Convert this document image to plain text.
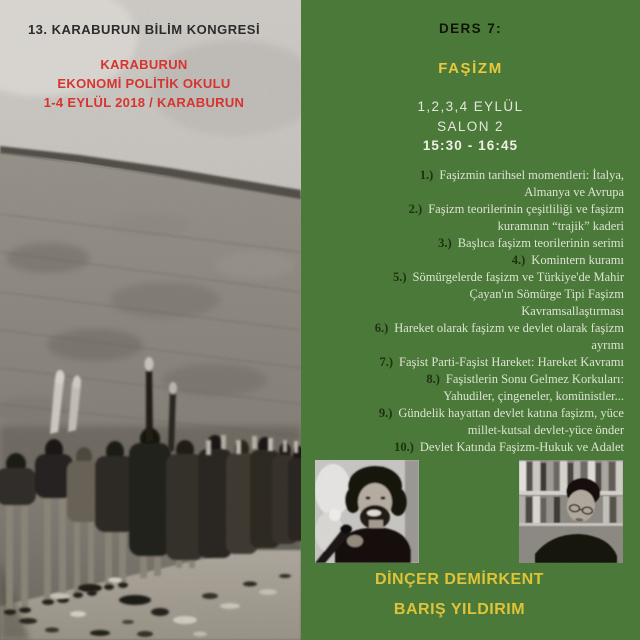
13. KARABURUN BİLİM KONGRESİ
KARABURUN
EKONOMİ POLİTİK OKULU
1-4 EYLÜL 2018 / KARABURUN
DERS 7:
FAŞİZM
1,2,3,4 EYLÜL
SALON 2
15:30 - 16:45
1.) Faşizmin tarihsel momentleri: İtalya,
Almanya ve Avrupa
2.) Faşizm teorilerinin çeşitliliği ve faşizm
kuramının “trajik” kaderi
3.) Başlıca faşizm teorilerinin serimi
4.) Komintern kuramı
5.) Sömürgelerde faşizm ve Türkiye'de Mahir
Çayan'ın Sömürge Tipi Faşizm
Kavramsallaştırması
6.) Hareket olarak faşizm ve devlet olarak faşizm
ayrımı
7.) Faşist Parti-Faşist Hareket: Hareket Kavramı
8.) Faşistlerin Sonu Gelmez Korkuları:
Yahudiler, çingeneler, komünistler...
9.) Gündelik hayattan devlet katına faşizm, yüce
millet-kutsal devlet-yüce önder
10.) Devlet Katında Faşizm-Hukuk ve Adalet
DİNÇER DEMİRKENT
BARIŞ YILDIRIM
